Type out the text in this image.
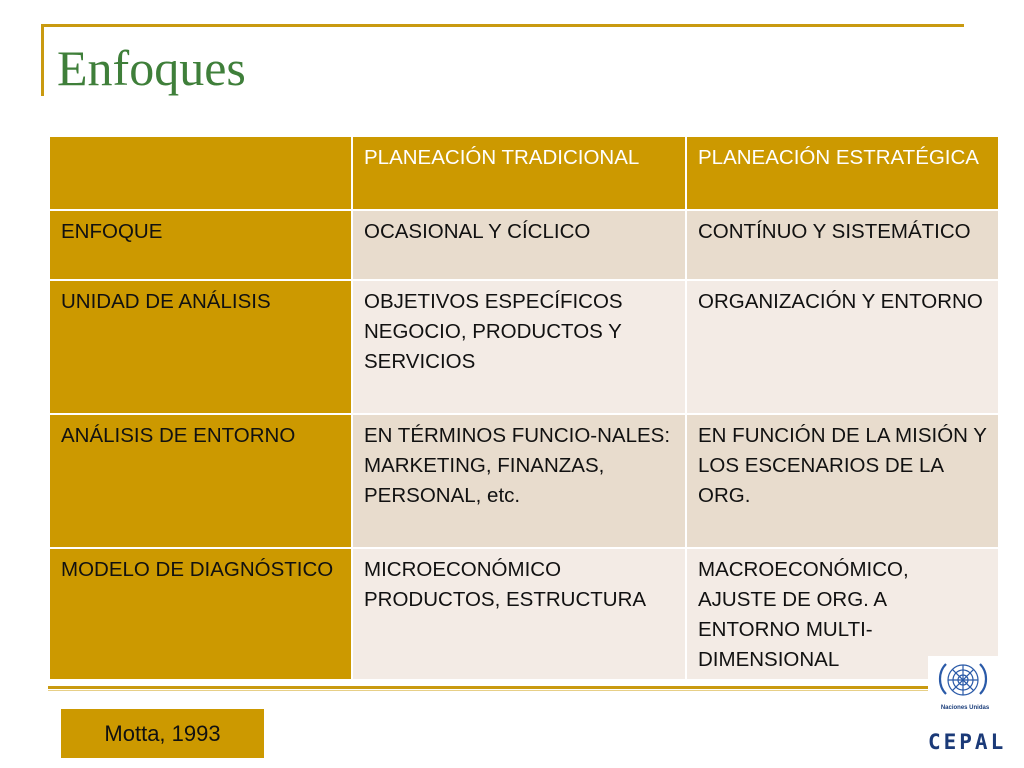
Enfoques
	PLANEACIÓN TRADICIONAL	PLANEACIÓN ESTRATÉGICA
ENFOQUE	OCASIONAL Y CÍCLICO	CONTÍNUO Y SISTEMÁTICO
UNIDAD DE ANÁLISIS	OBJETIVOS ESPECÍFICOS NEGOCIO, PRODUCTOS Y SERVICIOS	ORGANIZACIÓN Y ENTORNO
ANÁLISIS DE ENTORNO	EN TÉRMINOS FUNCIO-NALES: MARKETING, FINANZAS, PERSONAL, etc.	EN FUNCIÓN DE LA MISIÓN Y LOS ESCENARIOS DE LA ORG.
MODELO DE DIAGNÓSTICO	MICROECONÓMICO PRODUCTOS, ESTRUCTURA	MACROECONÓMICO, AJUSTE DE ORG. A ENTORNO MULTI-DIMENSIONAL
Motta, 1993
Naciones Unidas
CEPAL
